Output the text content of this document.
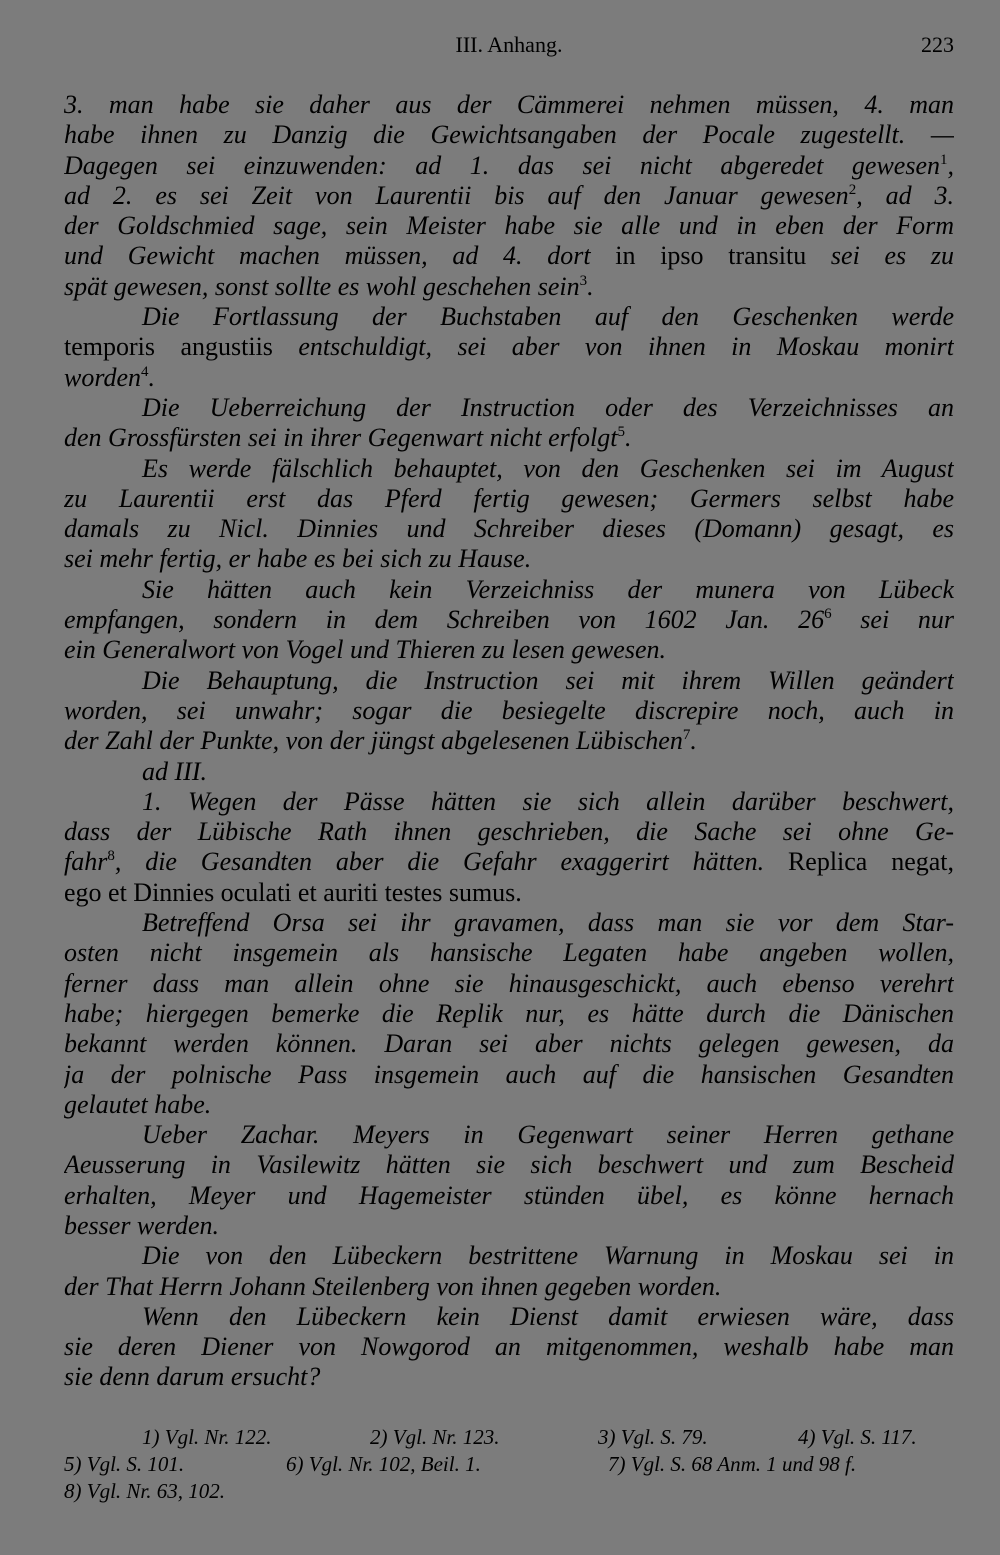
III. Anhang.	223
3. man habe sie daher aus der Cämmerei nehmen müssen, 4. man
habe ihnen zu Danzig die Gewichtsangaben der Pocale zugestellt. —
Dagegen sei einzuwenden: ad 1. das sei nicht abgeredet gewesen$^1$,
ad 2. es sei Zeit von Laurentii bis auf den Januar gewesen$^2$, ad 3.
der Goldschmied sage, sein Meister habe sie alle und in eben der Form
und Gewicht machen müssen, ad 4. dort in ipso transitu sei es zu
spät gewesen, sonst sollte es wohl geschehen sein$^3$.
Die Fortlassung der Buchstaben auf den Geschenken werde
temporis angustiis entschuldigt, sei aber von ihnen in Moskau monirt
worden$^4$.
Die Ueberreichung der Instruction oder des Verzeichnisses an
den Grossfürsten sei in ihrer Gegenwart nicht erfolgt$^5$.
Es werde fälschlich behauptet, von den Geschenken sei im August
zu Laurentii erst das Pferd fertig gewesen; Germers selbst habe
damals zu Nicl. Dinnies und Schreiber dieses (Domann) gesagt, es
sei mehr fertig, er habe es bei sich zu Hause.
Sie hätten auch kein Verzeichniss der munera von Lübeck
empfangen, sondern in dem Schreiben von 1602 Jan. $26^6$ sei nur
ein Generalwort von Vogel und Thieren zu lesen gewesen.
Die Behauptung, die Instruction sei mit ihrem Willen geändert
worden, sei unwahr; sogar die besiegelte discrepire noch, auch in
der Zahl der Punkte, von der jüngst abgelesenen Lübischen$^7$.
ad III.
1. Wegen der Pässe hätten sie sich allein darüber beschwert,
dass der Lübische Rath ihnen geschrieben, die Sache sei ohne Ge-
fahr$^8$, die Gesandten aber die Gefahr exaggerirt hätten. Replica negat,
ego et Dinnies oculati et auriti testes sumus.
Betreffend Orsa sei ihr gravamen, dass man sie vor dem Star-
osten nicht insgemein als hansische Legaten habe angeben wollen,
ferner dass man allein ohne sie hinausgeschickt, auch ebenso verehrt
habe; hiergegen bemerke die Replik nur, es hätte durch die Dänischen
bekannt werden können. Daran sei aber nichts gelegen gewesen, da
ja der polnische Pass insgemein auch auf die hansischen Gesandten
gelautet habe.
Ueber Zachar. Meyers in Gegenwart seiner Herren gethane
Aeusserung in Vasilewitz hätten sie sich beschwert und zum Bescheid
erhalten, Meyer und Hagemeister stünden übel, es könne hernach
besser werden.
Die von den Lübeckern bestrittene Warnung in Moskau sei in
der That Herrn Johann Steilenberg von ihnen gegeben worden.
Wenn den Lübeckern kein Dienst damit erwiesen wäre, dass
sie deren Diener von Nowgorod an mitgenommen, weshalb habe man
sie denn darum ersucht?
1) Vgl. Nr. 122.	2) Vgl. Nr. 123.	3) Vgl. S. 79.	4) Vgl. S. 117.
5) Vgl. S. 101.	6) Vgl. Nr. 102, Beil. 1.	7) Vgl. S. 68 Anm. 1 und 98 f.
8) Vgl. Nr. 63, 102.
